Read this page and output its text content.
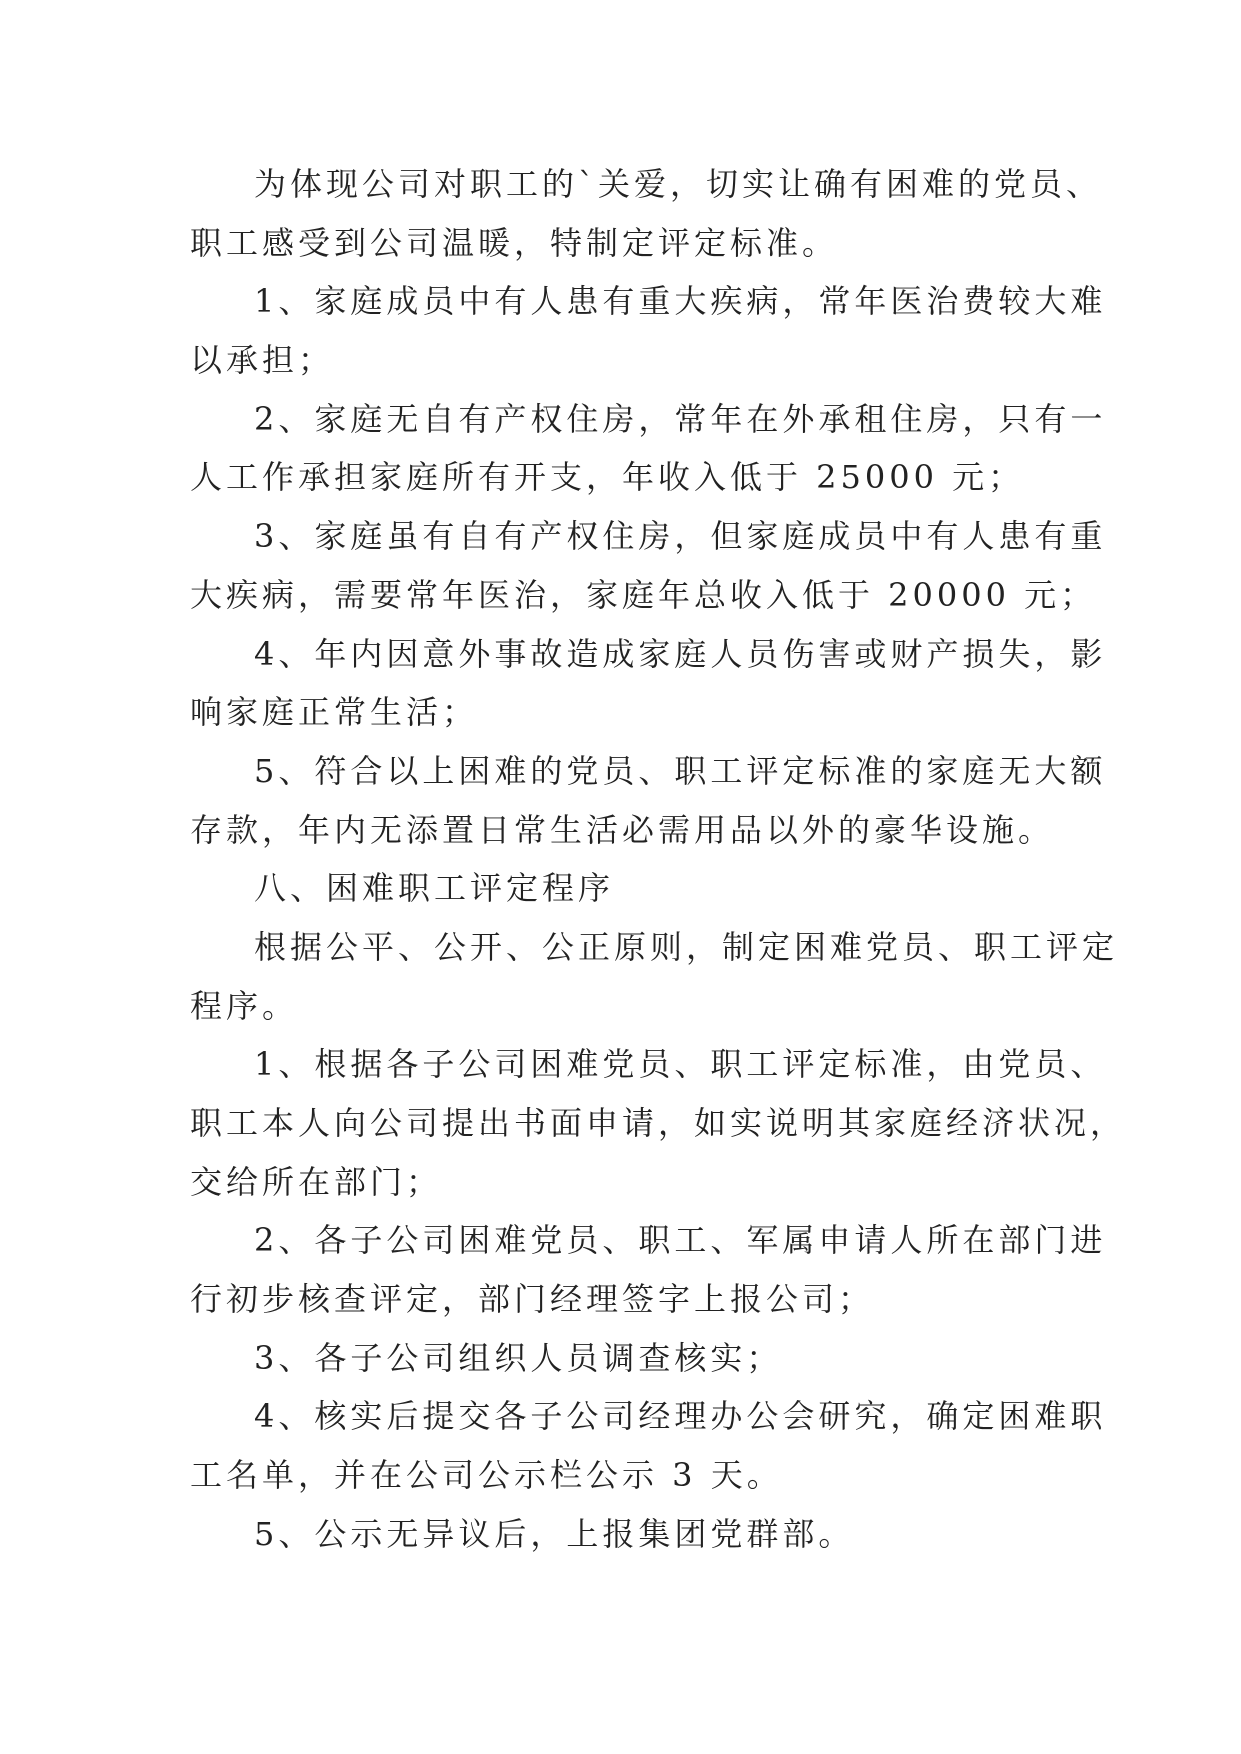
为体现公司对职工的`关爱，切实让确有困难的党员、
职工感受到公司温暖，特制定评定标准。

1、家庭成员中有人患有重大疾病，常年医治费较大难
以承担；

2、家庭无自有产权住房，常年在外承租住房，只有一
人工作承担家庭所有开支，年收入低于 25000 元；

3、家庭虽有自有产权住房，但家庭成员中有人患有重
大疾病，需要常年医治，家庭年总收入低于 20000 元；

4、年内因意外事故造成家庭人员伤害或财产损失，影
响家庭正常生活；

5、符合以上困难的党员、职工评定标准的家庭无大额
存款，年内无添置日常生活必需用品以外的豪华设施。

八、困难职工评定程序

根据公平、公开、公正原则，制定困难党员、职工评定
程序。

1、根据各子公司困难党员、职工评定标准，由党员、
职工本人向公司提出书面申请，如实说明其家庭经济状况，
交给所在部门；

2、各子公司困难党员、职工、军属申请人所在部门进
行初步核查评定，部门经理签字上报公司；

3、各子公司组织人员调查核实；

4、核实后提交各子公司经理办公会研究，确定困难职
工名单，并在公司公示栏公示 3 天。

5、公示无异议后，上报集团党群部。
